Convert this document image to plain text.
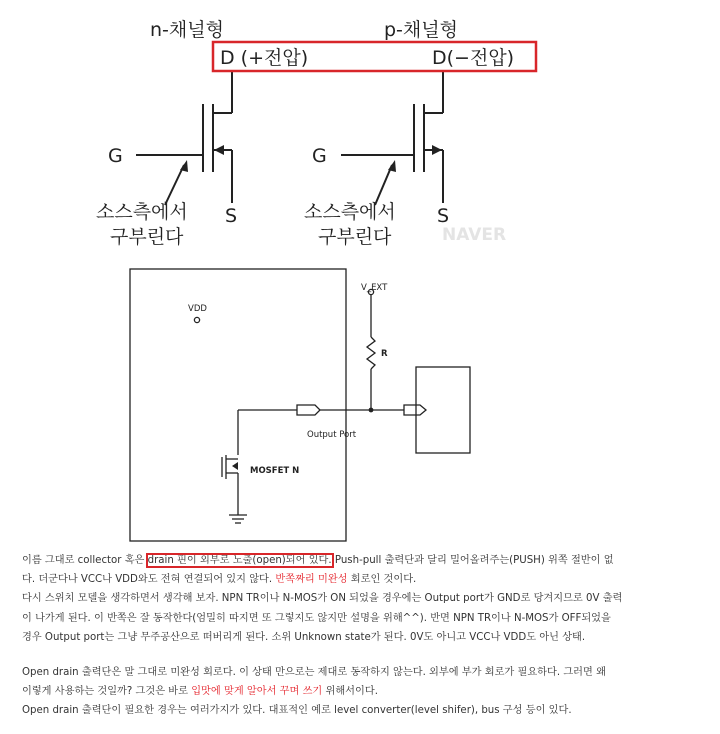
n-채널형	p-채널형
D (+전압)	D(−전압)
G	G
S	S
소스측에서
구부린다
소스측에서
구부린다	NAVER
VDD
V_EXT
R
Output Port
MOSFET N

이름 그대로 collector 혹은 drain 핀이 외부로 노출(open)되어 있다. Push-pull 출력단과 달리 밀어올려주는(PUSH) 위쪽 절반이 없

다. 더군다나 VCC나 VDD와도 전혀 연결되어 있지 않다. 반쪽짜리 미완성 회로인 것이다.

다시 스위치 모델을 생각하면서 생각해 보자. NPN TR이나 N-MOS가 ON 되었을 경우에는 Output port가 GND로 당겨지므로 0V 출력

이 나가게 된다. 이 반쪽은 잘 동작한다(엄밀히 따지면 또 그렇지도 않지만 설명을 위해^^). 반면 NPN TR이나 N-MOS가 OFF되었을

경우 Output port는 그냥 무주공산으로 떠버리게 된다. 소위 Unknown state가 된다. 0V도 아니고 VCC나 VDD도 아닌 상태.

Open drain 출력단은 말 그대로 미완성 회로다. 이 상태 만으로는 제대로 동작하지 않는다. 외부에 부가 회로가 필요하다. 그러면 왜

이렇게 사용하는 것일까? 그것은 바로 입맛에 맞게 알아서 꾸며 쓰기 위해서이다.

Open drain 출력단이 필요한 경우는 여러가지가 있다. 대표적인 예로 level converter(level shifer), bus 구성 등이 있다.
